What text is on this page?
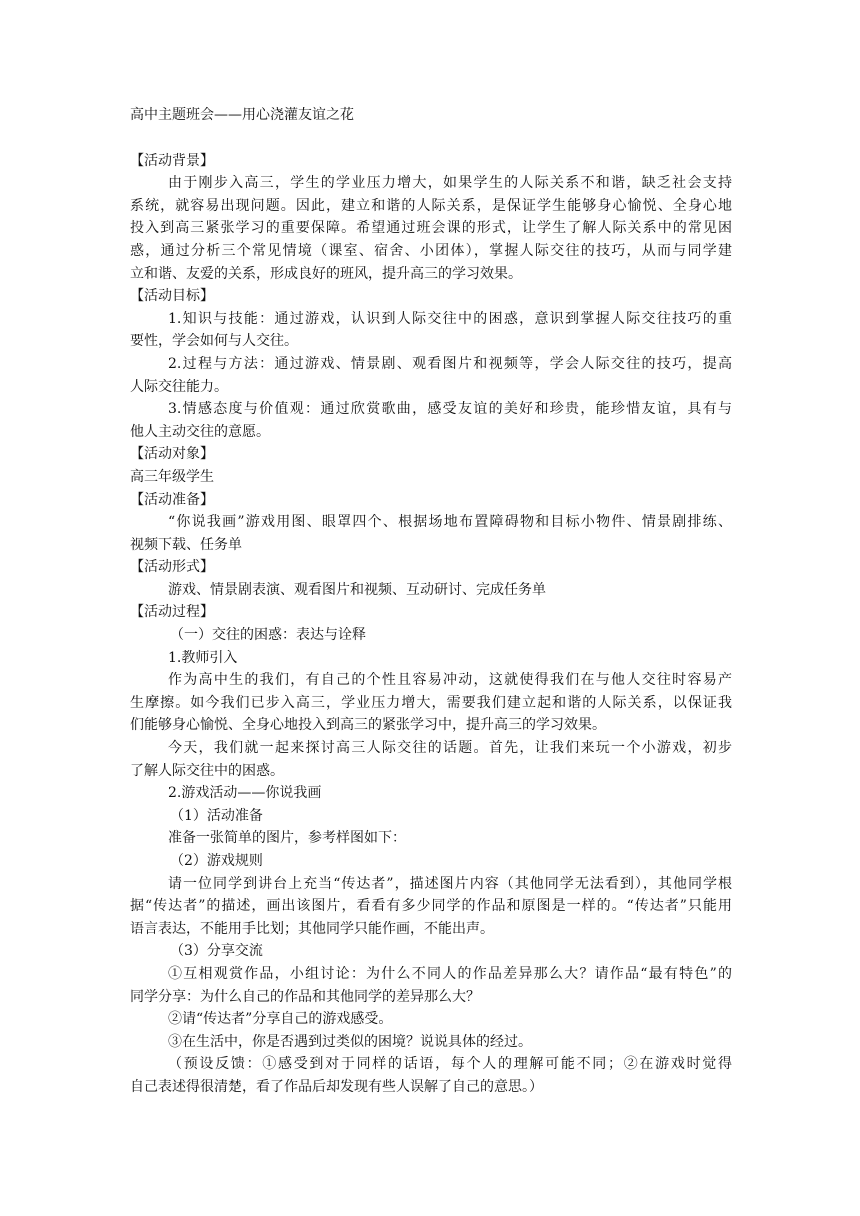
高中主题班会——用心浇灌友谊之花

【活动背景】

由于刚步入高三，学生的学业压力增大，如果学生的人际关系不和谐，缺乏社会支持

系统，就容易出现问题。因此，建立和谐的人际关系，是保证学生能够身心愉悦、全身心地

投入到高三紧张学习的重要保障。希望通过班会课的形式，让学生了解人际关系中的常见困

惑，通过分析三个常见情境（课室、宿舍、小团体），掌握人际交往的技巧，从而与同学建

立和谐、友爱的关系，形成良好的班风，提升高三的学习效果。

【活动目标】

1.知识与技能：通过游戏，认识到人际交往中的困惑，意识到掌握人际交往技巧的重

要性，学会如何与人交往。

2.过程与方法：通过游戏、情景剧、观看图片和视频等，学会人际交往的技巧，提高

人际交往能力。

3.情感态度与价值观：通过欣赏歌曲，感受友谊的美好和珍贵，能珍惜友谊，具有与

他人主动交往的意愿。

【活动对象】

高三年级学生

【活动准备】

“你说我画”游戏用图、眼罩四个、根据场地布置障碍物和目标小物件、情景剧排练、

视频下载、任务单

【活动形式】

游戏、情景剧表演、观看图片和视频、互动研讨、完成任务单

【活动过程】

（一）交往的困惑：表达与诠释

1.教师引入

作为高中生的我们，有自己的个性且容易冲动，这就使得我们在与他人交往时容易产

生摩擦。如今我们已步入高三，学业压力增大，需要我们建立起和谐的人际关系，以保证我

们能够身心愉悦、全身心地投入到高三的紧张学习中，提升高三的学习效果。

今天，我们就一起来探讨高三人际交往的话题。首先，让我们来玩一个小游戏，初步

了解人际交往中的困惑。

2.游戏活动——你说我画

（1）活动准备

准备一张简单的图片，参考样图如下：

（2）游戏规则

请一位同学到讲台上充当“传达者”，描述图片内容（其他同学无法看到），其他同学根

据“传达者”的描述，画出该图片，看看有多少同学的作品和原图是一样的。“传达者”只能用

语言表达，不能用手比划；其他同学只能作画，不能出声。

（3）分享交流

①互相观赏作品，小组讨论：为什么不同人的作品差异那么大？请作品“最有特色”的

同学分享：为什么自己的作品和其他同学的差异那么大？

②请“传达者”分享自己的游戏感受。

③在生活中，你是否遇到过类似的困境？说说具体的经过。

（预设反馈：①感受到对于同样的话语，每个人的理解可能不同；②在游戏时觉得

自己表述得很清楚，看了作品后却发现有些人误解了自己的意思。）
